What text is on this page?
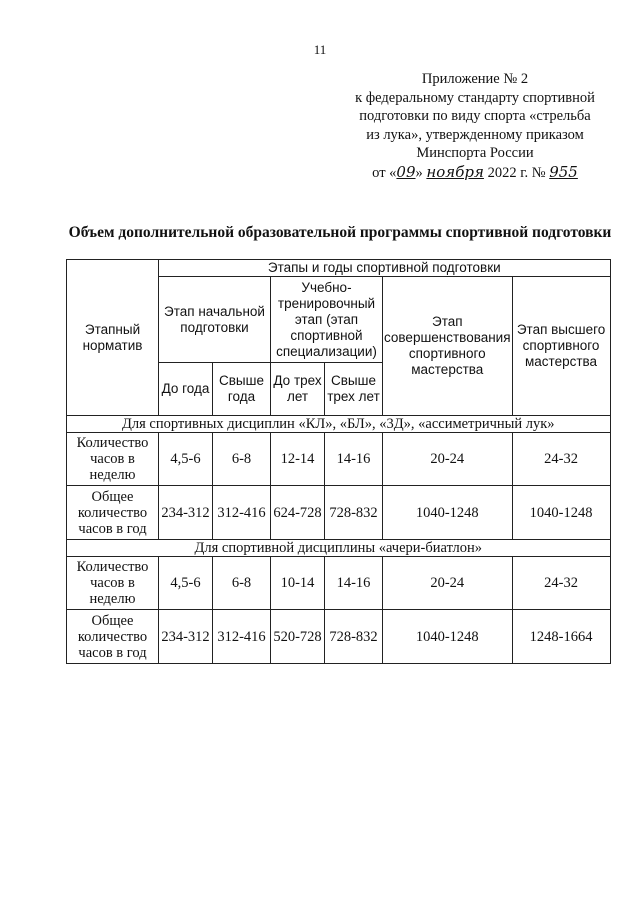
11
Приложение № 2
к федеральному стандарту спортивной
подготовки по виду спорта «стрельба
из лука», утвержденному приказом
Минспорта России
от «09» ноября 2022 г. № 955
Объем дополнительной образовательной программы спортивной подготовки
Этапный норматив	Этапы и годы спортивной подготовки					
	Этап начальной подготовки		Учебно-тренировочный этап (этап спортивной специализации)		Этап совершенствования спортивного мастерства	Этап высшего спортивного мастерства
	До года	Свыше года	До трех лет	Свыше трех лет		
Для спортивных дисциплин «КЛ», «БЛ», «3Д», «ассиметричный лук»						
Количество часов в неделю	4,5-6	6-8	12-14	14-16	20-24	24-32
Общее количество часов в год	234-312	312-416	624-728	728-832	1040-1248	1040-1248
Для спортивной дисциплины «ачери-биатлон»						
Количество часов в неделю	4,5-6	6-8	10-14	14-16	20-24	24-32
Общее количество часов в год	234-312	312-416	520-728	728-832	1040-1248	1248-1664
